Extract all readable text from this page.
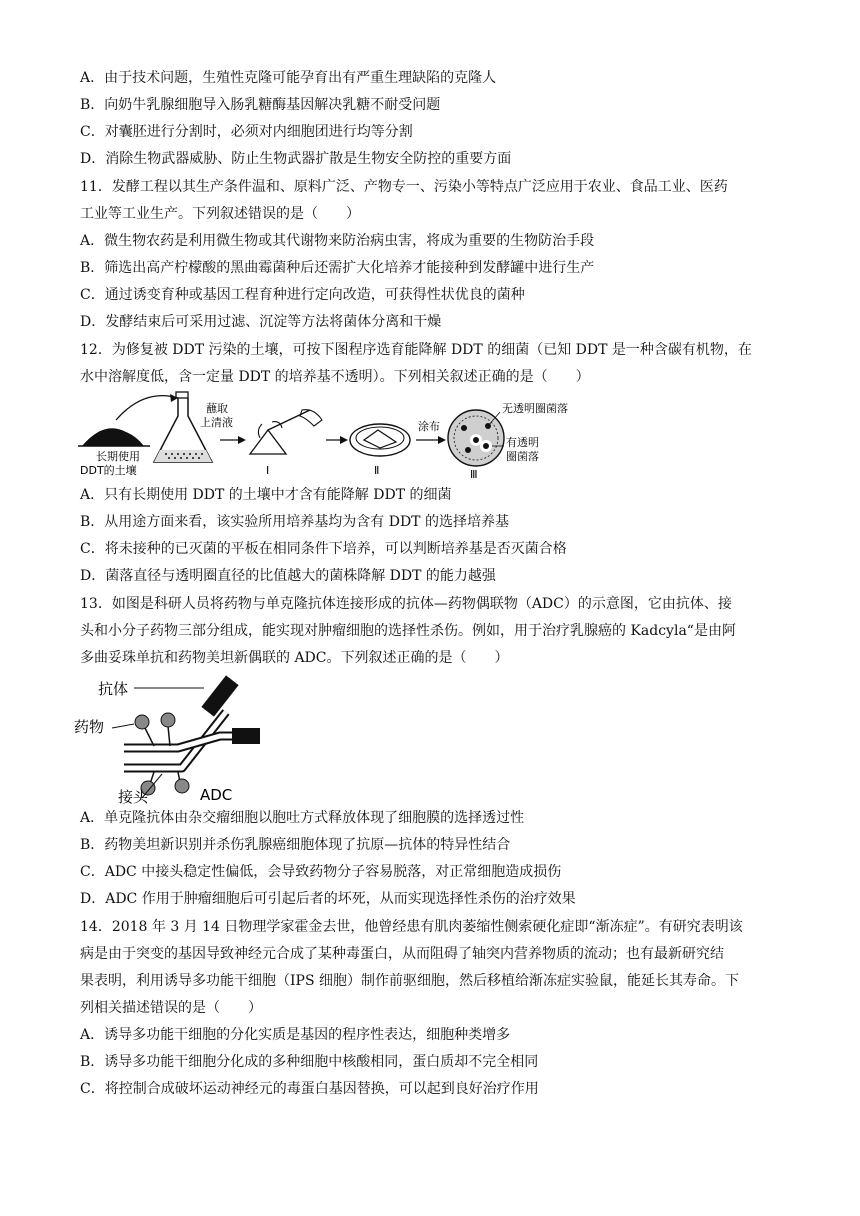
A．由于技术问题，生殖性克隆可能孕育出有严重生理缺陷的克隆人
B．向奶牛乳腺细胞导入肠乳糖酶基因解决乳糖不耐受问题
C．对囊胚进行分割时，必须对内细胞团进行均等分割
D．消除生物武器威胁、防止生物武器扩散是生物安全防控的重要方面
11．发酵工程以其生产条件温和、原料广泛、产物专一、污染小等特点广泛应用于农业、食品工业、医药
工业等工业生产。下列叙述错误的是（　　）
A．微生物农药是利用微生物或其代谢物来防治病虫害，将成为重要的生物防治手段
B．筛选出高产柠檬酸的黑曲霉菌种后还需扩大化培养才能接种到发酵罐中进行生产
C．通过诱变育种或基因工程育种进行定向改造，可获得性状优良的菌种
D．发酵结束后可采用过滤、沉淀等方法将菌体分离和干燥
12．为修复被 DDT 污染的土壤，可按下图程序选育能降解 DDT 的细菌（已知 DDT 是一种含碳有机物，在
水中溶解度低，含一定量 DDT 的培养基不透明）。下列相关叙述正确的是（　　）
长期使用
DDT的土壤
蘸取
上清液
Ⅰ	Ⅱ
涂布
无透明圈菌落
有透明
圈菌落
Ⅲ
A．只有长期使用 DDT 的土壤中才含有能降解 DDT 的细菌
B．从用途方面来看，该实验所用培养基均为含有 DDT 的选择培养基
C．将未接种的已灭菌的平板在相同条件下培养，可以判断培养基是否灭菌合格
D．菌落直径与透明圈直径的比值越大的菌株降解 DDT 的能力越强
13．如图是科研人员将药物与单克隆抗体连接形成的抗体—药物偶联物（ADC）的示意图，它由抗体、接
头和小分子药物三部分组成，能实现对肿瘤细胞的选择性杀伤。例如，用于治疗乳腺癌的 Kadcyla“是由阿
多曲妥珠单抗和药物美坦新偶联的 ADC。下列叙述正确的是（　　）
抗体
药物
接头	ADC
A．单克隆抗体由杂交瘤细胞以胞吐方式释放体现了细胞膜的选择透过性
B．药物美坦新识别并杀伤乳腺癌细胞体现了抗原—抗体的特异性结合
C．ADC 中接头稳定性偏低，会导致药物分子容易脱落，对正常细胞造成损伤
D．ADC 作用于肿瘤细胞后可引起后者的坏死，从而实现选择性杀伤的治疗效果
14．2018 年 3 月 14 日物理学家霍金去世，他曾经患有肌肉萎缩性侧索硬化症即“渐冻症”。有研究表明该
病是由于突变的基因导致神经元合成了某种毒蛋白，从而阻碍了轴突内营养物质的流动；也有最新研究结
果表明，利用诱导多功能干细胞（IPS 细胞）制作前驱细胞，然后移植给渐冻症实验鼠，能延长其寿命。下
列相关描述错误的是（　　）
A．诱导多功能干细胞的分化实质是基因的程序性表达，细胞种类增多
B．诱导多功能干细胞分化成的多种细胞中核酸相同，蛋白质却不完全相同
C．将控制合成破坏运动神经元的毒蛋白基因替换，可以起到良好治疗作用
